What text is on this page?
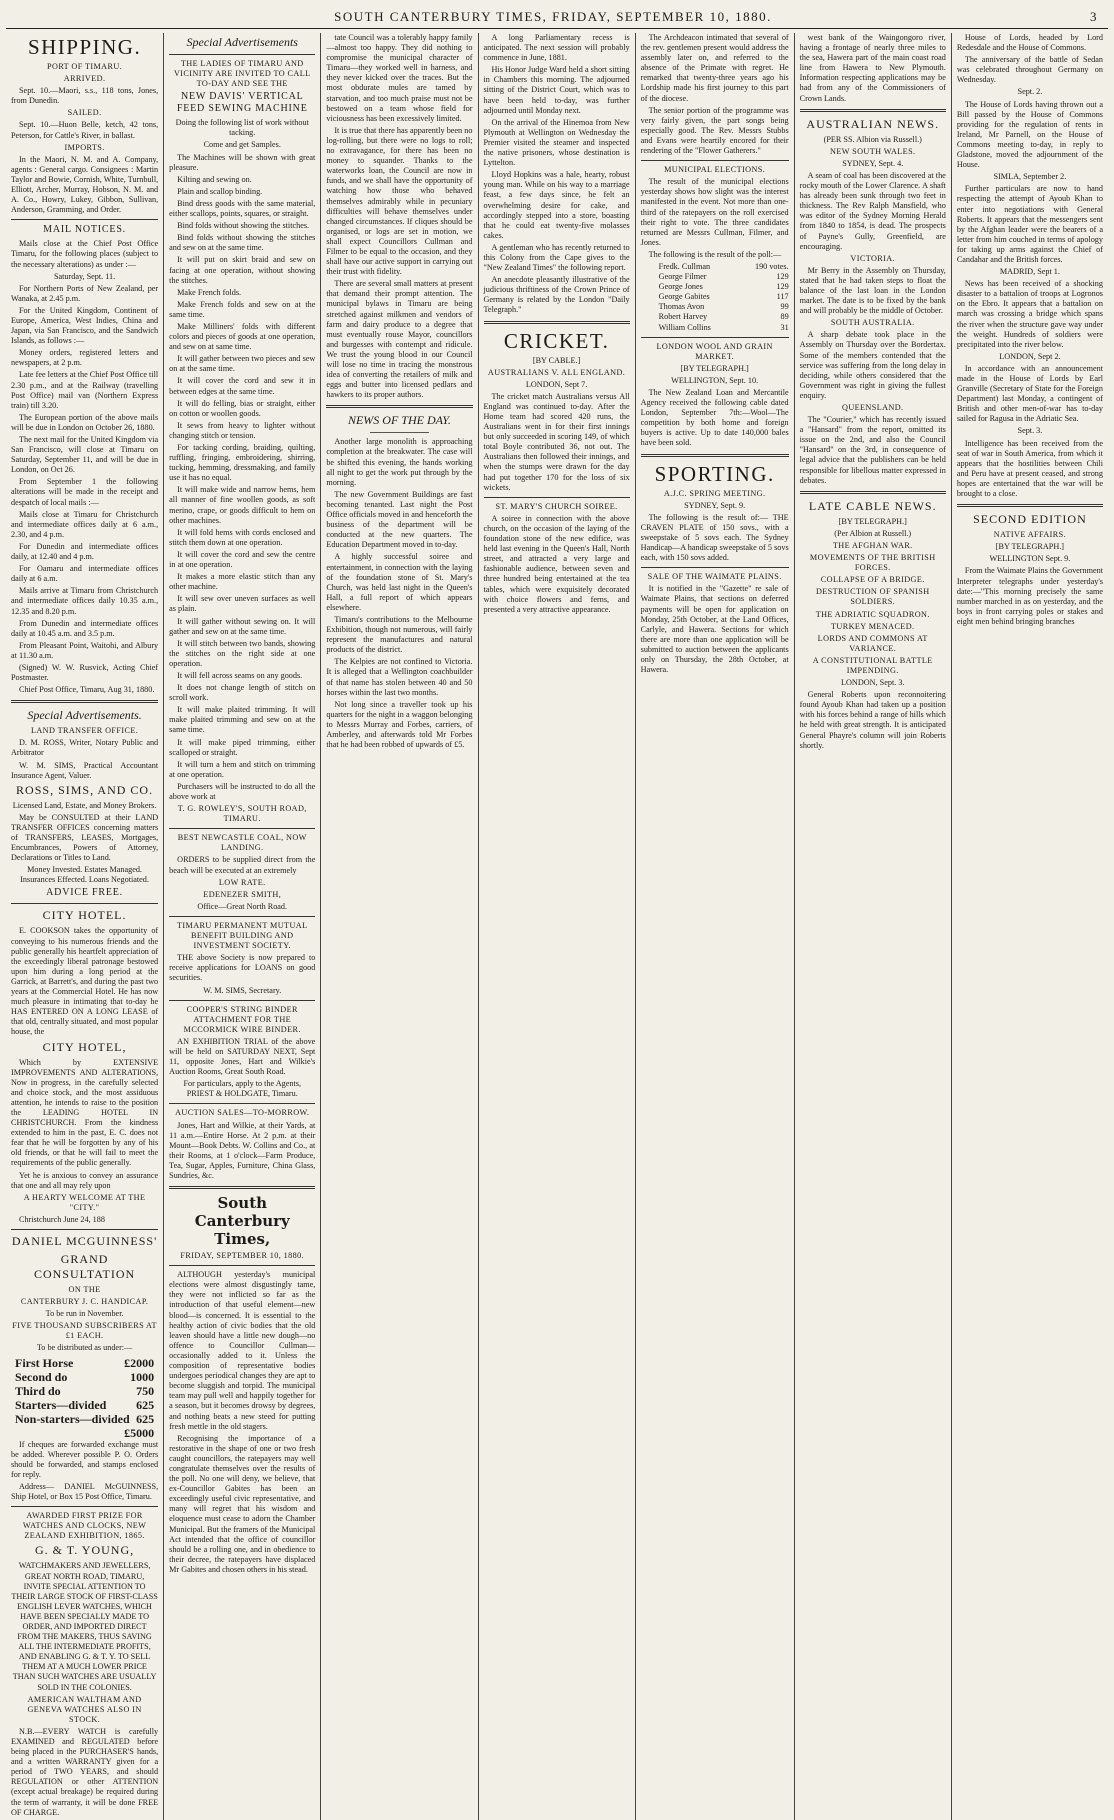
SOUTH CANTERBURY TIMES, FRIDAY, SEPTEMBER 10, 1880.	3
SHIPPING.

PORT OF TIMARU.

ARRIVED.

Sept. 10.—Maori, s.s., 118 tons, Jones, from Dunedin.

SAILED.

Sept. 10.—Huon Belle, ketch, 42 tons, Peterson, for Cattle's River, in ballast.

IMPORTS.

In the Maori, N. M. and A. Company, agents : General cargo. Consignees : Martin Taylor and Bowie, Cornish, White, Turnbull, Elliott, Archer, Murray, Hobson, N. M. and A. Co., Howry, Lukey, Gibbon, Sullivan, Anderson, Gramming, and Order.

MAIL NOTICES.

Mails close at the Chief Post Office Timaru, for the following places (subject to the necessary alterations) as under :—

Saturday, Sept. 11.

For Northern Ports of New Zealand, per Wanaka, at 2.45 p.m.

For the United Kingdom, Continent of Europe, America, West Indies, China and Japan, via San Francisco, and the Sandwich Islands, as follows :—

Money orders, registered letters and newspapers, at 2 p.m.

Late fee letters at the Chief Post Office till 2.30 p.m., and at the Railway (travelling Post Office) mail van (Northern Express train) till 3.20.

The European portion of the above mails will be due in London on October 26, 1880.

The next mail for the United Kingdom via San Francisco, will close at Timaru on Saturday, September 11, and will be due in London, on Oct 26.

From September 1 the following alterations will be made in the receipt and despatch of local mails :—

Mails close at Timaru for Christchurch and intermediate offices daily at 6 a.m., 2.30, and 4 p.m.

For Dunedin and intermediate offices daily, at 12.40 and 4 p.m.

For Oamaru and intermediate offices daily at 6 a.m.

Mails arrive at Timaru from Christchurch and intermediate offices daily 10.35 a.m., 12.35 and 8.20 p.m.

From Dunedin and intermediate offices daily at 10.45 a.m. and 3.5 p.m.

From Pleasant Point, Waitohi, and Albury at 11.30 a.m.

(Signed) W. W. Rusvick, Acting Chief Postmaster.

Chief Post Office, Timaru, Aug 31, 1880.

Special Advertisements.

LAND TRANSFER OFFICE.

D. M. ROSS, Writer, Notary Public and Arbitrator

W. M. SIMS, Practical Accountant Insurance Agent, Valuer.

ROSS, SIMS, AND CO.

Licensed Land, Estate, and Money Brokers.

May be CONSULTED at their LAND TRANSFER OFFICES concerning matters of TRANSFERS, LEASES, Mortgages, Encumbrances, Powers of Attorney, Declarations or Titles to Land.

Money Invested. Estates Managed. Insurances Effected. Loans Negotiated.

ADVICE FREE.
CITY HOTEL.

E. COOKSON takes the opportunity of conveying to his numerous friends and the public generally his heartfelt appreciation of the exceedingly liberal patronage bestowed upon him during a long period at the Garrick, at Barrett's, and during the past two years at the Commercial Hotel. He has now much pleasure in intimating that to-day he HAS ENTERED ON A LONG LEASE of that old, centrally situated, and most popular house, the

CITY HOTEL,

Which by EXTENSIVE IMPROVEMENTS AND ALTERATIONS, Now in progress, in the carefully selected and choice stock, and the most assiduous attention, he intends to raise to the position the LEADING HOTEL IN CHRISTCHURCH. From the kindness extended to him in the past, E. C. does not fear that he will be forgotten by any of his old friends, or that he will fail to meet the requirements of the public generally.

Yet he is anxious to convey an assurance that one and all may rely upon

A HEARTY WELCOME AT THE "CITY."

Christchurch June 24, 188

DANIEL MCGUINNESS'
GRAND CONSULTATION

ON THE

CANTERBURY J. C. HANDICAP.

To be run in November.

FIVE THOUSAND SUBSCRIBERS AT £1 EACH.

To be distributed as under:—

First Horse	£2000
Second do	1000
Third do	750
Starters—divided 625
Non-starters—divided 625
£5000

If cheques are forwarded exchange must be added. Wherever possible P. O. Orders should be forwarded, and stamps enclosed for reply.

Address— DANIEL McGUINNESS, Ship Hotel, or Box 15 Post Office, Timaru.

AWARDED FIRST PRIZE FOR WATCHES AND CLOCKS, NEW ZEALAND EXHIBITION, 1865.

G. & T. YOUNG,

WATCHMAKERS AND JEWELLERS, GREAT NORTH ROAD, TIMARU, INVITE SPECIAL ATTENTION TO THEIR LARGE STOCK OF FIRST-CLASS ENGLISH LEVER WATCHES, WHICH HAVE BEEN SPECIALLY MADE TO ORDER, AND IMPORTED DIRECT FROM THE MAKERS, THUS SAVING ALL THE INTERMEDIATE PROFITS, AND ENABLING G. & T. Y. TO SELL THEM AT A MUCH LOWER PRICE THAN SUCH WATCHES ARE USUALLY SOLD IN THE COLONIES.

AMERICAN WALTHAM AND GENEVA WATCHES ALSO IN STOCK.

N.B.—EVERY WATCH is carefully EXAMINED and REGULATED before being placed in the PURCHASER'S hands, and a written WARRANTY given for a period of TWO YEARS, and should REGULATION or other ATTENTION (except actual breakage) be required during the term of warranty, it will be done FREE OF CHARGE.

Special Advertisements

THE LADIES OF TIMARU AND VICINITY ARE INVITED TO CALL TO-DAY AND SEE THE

NEW DAVIS' VERTICAL FEED SEWING MACHINE

Doing the following list of work without tacking.

Come and get Samples.

The Machines will be shown with great pleasure.

Kilting and sewing on.

Plain and scallop binding.

Bind dress goods with the same material, either scallops, points, squares, or straight.

Bind folds without showing the stitches.

Bind folds without showing the stitches and sew on at the same time.

It will put on skirt braid and sew on facing at one operation, without showing the stitches.

Make French folds.

Make French folds and sew on at the same time.

Make Milliners' folds with different colors and pieces of goods at one operation, and sew on at same time.

It will gather between two pieces and sew on at the same time.

It will cover the cord and sew it in between edges at the same time.

It will do felling, bias or straight, either on cotton or woollen goods.

It sews from heavy to lighter without changing stitch or tension.

For tacking cording, braiding, quilting, ruffling, fringing, embroidering, shirring, tucking, hemming, dressmaking, and family use it has no equal.

It will make wide and narrow hems, hem all manner of fine woollen goods, as soft merino, crape, or goods difficult to hem on other machines.

It will fold hems with cords enclosed and stitch them down at one operation.

It will cover the cord and sew the centre in at one operation.

It makes a more elastic stitch than any other machine.

It will sew over uneven surfaces as well as plain.

It will gather without sewing on. It will gather and sew on at the same time.

It will stitch between two bands, showing the stitches on the right side at one operation.

It will fell across seams on any goods.

It does not change length of stitch on scroll work.

It will make plaited trimming. It will make plaited trimming and sew on at the same time.

It will make piped trimming, either scalloped or straight.

It will turn a hem and stitch on trimming at one operation.

Purchasers will be instructed to do all the above work at

T. G. ROWLEY'S, SOUTH ROAD, TIMARU.

BEST NEWCASTLE COAL, NOW LANDING.

ORDERS to be supplied direct from the beach will be executed at an extremely

LOW RATE.

EDENEZER SMITH,

Office—Great North Road.

TIMARU PERMANENT MUTUAL BENEFIT BUILDING AND INVESTMENT SOCIETY.

THE above Society is now prepared to receive applications for LOANS on good securities.

W. M. SIMS, Secretary.

COOPER'S STRING BINDER ATTACHMENT FOR THE MCCORMICK WIRE BINDER.

AN EXHIBITION TRIAL of the above will be held on SATURDAY NEXT, Sept 11, opposite Jones, Hart and Wilkie's Auction Rooms, Great South Road.

For particulars, apply to the Agents, PRIEST & HOLDGATE, Timaru.

AUCTION SALES—TO-MORROW.

Jones, Hart and Wilkie, at their Yards, at 11 a.m.—Entire Horse. At 2 p.m. at their Mount—Book Debts. W. Collins and Co., at their Rooms, at 1 o'clock—Farm Produce, Tea, Sugar, Apples, Furniture, China Glass, Sundries, &c.

South Canterbury Times,

FRIDAY, SEPTEMBER 10, 1880.

ALTHOUGH yesterday's municipal elections were almost disgustingly tame, they were not inflicted so far as the introduction of that useful element—new blood—is concerned. It is essential to the healthy action of civic bodies that the old leaven should have a little new dough—no offence to Councillor Cullman—occasionally added to it. Unless the composition of representative bodies undergoes periodical changes they are apt to become sluggish and torpid. The municipal team may pull well and happily together for a season, but it becomes drowsy by degrees, and nothing beats a new steed for putting fresh mettle in the old stagers.

Recognising the importance of a restorative in the shape of one or two fresh caught councillors, the ratepayers may well congratulate themselves over the results of the poll. No one will deny, we believe, that ex-Councillor Gabites has been an exceedingly useful civic representative, and many will regret that his wisdom and eloquence must cease to adorn the Chamber Municipal. But the framers of the Municipal Act intended that the office of councillor should be a rolling one, and in obedience to their decree, the ratepayers have displaced Mr Gabites and chosen others in his stead.

tate Council was a tolerably happy family—almost too happy. They did nothing to compromise the municipal character of Timaru—they worked well in harness, and they never kicked over the traces. But the most obdurate mules are tamed by starvation, and too much praise must not be bestowed on a team whose field for viciousness has been excessively limited.

It is true that there has apparently been no log-rolling, but there were no logs to roll; no extravagance, for there has been no money to squander. Thanks to the waterworks loan, the Council are now in funds, and we shall have the opportunity of watching how those who behaved themselves admirably while in pecuniary difficulties will behave themselves under changed circumstances. If cliques should be organised, or logs are set in motion, we shall expect Councillors Cullman and Filmer to be equal to the occasion, and they shall have our active support in carrying out their trust with fidelity.

There are several small matters at present that demand their prompt attention. The municipal bylaws in Timaru are being stretched against milkmen and vendors of farm and dairy produce to a degree that must eventually rouse Mayor, councillors and burgesses with contempt and ridicule. We trust the young blood in our Council will lose no time in tracing the monstrous idea of converting the retailers of milk and eggs and butter into licensed pedlars and hawkers to its proper authors.

NEWS OF THE DAY.

Another large monolith is approaching completion at the breakwater. The case will be shifted this evening, the hands working all night to get the work put through by the morning.

The new Government Buildings are fast becoming tenanted. Last night the Post Office officials moved in and henceforth the business of the department will be conducted at the new quarters. The Education Department moved in to-day.

A highly successful soiree and entertainment, in connection with the laying of the foundation stone of St. Mary's Church, was held last night in the Queen's Hall, a full report of which appears elsewhere.

Timaru's contributions to the Melbourne Exhibition, though not numerous, will fairly represent the manufactures and natural products of the district.

The Kelpies are not confined to Victoria. It is alleged that a Wellington coachbuilder of that name has stolen between 40 and 50 horses within the last two months.

Not long since a traveller took up his quarters for the night in a waggon belonging to Messrs Murray and Forbes, carriers, of Amberley, and afterwards told Mr Forbes that he had been robbed of upwards of £5.

A long Parliamentary recess is anticipated. The next session will probably commence in June, 1881.

His Honor Judge Ward held a short sitting in Chambers this morning. The adjourned sitting of the District Court, which was to have been held to-day, was further adjourned until Monday next.

On the arrival of the Hinemoa from New Plymouth at Wellington on Wednesday the Premier visited the steamer and inspected the native prisoners, whose destination is Lyttelton.

Lloyd Hopkins was a hale, hearty, robust young man. While on his way to a marriage feast, a few days since, he felt an overwhelming desire for cake, and accordingly stepped into a store, boasting that he could eat twenty-five molasses cakes.

A gentleman who has recently returned to this Colony from the Cape gives to the "New Zealand Times" the following report.

An anecdote pleasantly illustrative of the judicious thriftiness of the Crown Prince of Germany is related by the London "Daily Telegraph."

CRICKET.

[BY CABLE.]

AUSTRALIANS V. ALL ENGLAND.

LONDON, Sept 7.

The cricket match Australians versus All England was continued to-day. After the Home team had scored 420 runs, the Australians went in for their first innings but only succeeded in scoring 149, of which total Boyle contributed 36, not out. The Australians then followed their innings, and when the stumps were drawn for the day had put together 170 for the loss of six wickets.

ST. MARY'S CHURCH SOIREE.

A soiree in connection with the above church, on the occasion of the laying of the foundation stone of the new edifice, was held last evening in the Queen's Hall, North street, and attracted a very large and fashionable audience, between seven and three hundred being entertained at the tea tables, which were exquisitely decorated with choice flowers and ferns, and presented a very attractive appearance.

The Archdeacon intimated that several of the rev. gentlemen present would address the assembly later on, and referred to the absence of the Primate with regret. He remarked that twenty-three years ago his Lordship made his first journey to this part of the diocese.

The senior portion of the programme was very fairly given, the part songs being especially good. The Rev. Messrs Stubbs and Evans were heartily encored for their rendering of the "Flower Gatherers."

MUNICIPAL ELECTIONS.

The result of the municipal elections yesterday shows how slight was the interest manifested in the event. Not more than one-third of the ratepayers on the roll exercised their right to vote. The three candidates returned are Messrs Cullman, Filmer, and Jones.

The following is the result of the poll:—

Fredk. Cullman	190 votes.
George Filmer	129
George Jones	129
George Gabites	117
Thomas Avon	99
Robert Harvey	89
William Collins	31

LONDON WOOL AND GRAIN MARKET.

[BY TELEGRAPH.]

WELLINGTON, Sept. 10.

The New Zealand Loan and Mercantile Agency received the following cable dated London, September 7th:—Wool—The competition by both home and foreign buyers is active. Up to date 140,000 bales have been sold.

SPORTING.

A.J.C. SPRING MEETING.

SYDNEY, Sept. 9.

The following is the result of:— THE CRAVEN PLATE of 150 sovs., with a sweepstake of 5 sovs each. The Sydney Handicap—A handicap sweepstake of 5 sovs each, with 150 sovs added.

SALE OF THE WAIMATE PLAINS.

It is notified in the "Gazette" re sale of Waimate Plains, that sections on deferred payments will be open for application on Monday, 25th October, at the Land Offices, Carlyle, and Hawera. Sections for which there are more than one application will be submitted to auction between the applicants only on Thursday, the 28th October, at Hawera.

west bank of the Waingongoro river, having a frontage of nearly three miles to the sea, Hawera part of the main coast road line from Hawera to New Plymouth. Information respecting applications may be had from any of the Commissioners of Crown Lands.

AUSTRALIAN NEWS.

(PER SS. Albion via Russell.)

NEW SOUTH WALES.

SYDNEY, Sept. 4.

A seam of coal has been discovered at the rocky mouth of the Lower Clarence. A shaft has already been sunk through two feet in thickness. The Rev Ralph Mansfield, who was editor of the Sydney Morning Herald from 1840 to 1854, is dead. The prospects of Payne's Gully, Greenfield, are encouraging.

VICTORIA.

Mr Berry in the Assembly on Thursday, stated that he had taken steps to float the balance of the last loan in the London market. The date is to be fixed by the bank and will probably be the middle of October.

SOUTH AUSTRALIA.

A sharp debate took place in the Assembly on Thursday over the Bordertax. Some of the members contended that the service was suffering from the long delay in deciding, while others considered that the Government was right in giving the fullest enquiry.

QUEENSLAND.

The "Courier," which has recently issued a "Hansard" from the report, omitted its issue on the 2nd, and also the Council "Hansard" on the 3rd, in consequence of legal advice that the publishers can be held responsible for libellous matter expressed in debates.

LATE CABLE NEWS.

[BY TELEGRAPH.]

(Per Albion at Russell.)

THE AFGHAN WAR.

MOVEMENTS OF THE BRITISH FORCES.

COLLAPSE OF A BRIDGE.

DESTRUCTION OF SPANISH SOLDIERS.

THE ADRIATIC SQUADRON.

TURKEY MENACED.

LORDS AND COMMONS AT VARIANCE.

A CONSTITUTIONAL BATTLE IMPENDING.

LONDON, Sept. 3.

General Roberts upon reconnoitering found Ayoub Khan had taken up a position with his forces behind a range of hills which he held with great strength. It is anticipated General Phayre's column will join Roberts shortly.

House of Lords, headed by Lord Redesdale and the House of Commons.

The anniversary of the battle of Sedan was celebrated throughout Germany on Wednesday.

Sept. 2.

The House of Lords having thrown out a Bill passed by the House of Commons providing for the regulation of rents in Ireland, Mr Parnell, on the House of Commons meeting to-day, in reply to Gladstone, moved the adjournment of the House.

SIMLA, September 2.

Further particulars are now to hand respecting the attempt of Ayoub Khan to enter into negotiations with General Roberts. It appears that the messengers sent by the Afghan leader were the bearers of a letter from him couched in terms of apology for taking up arms against the Chief of Candahar and the British forces.

MADRID, Sept 1.

News has been received of a shocking disaster to a battalion of troops at Logronos on the Ebro. It appears that a battalion on march was crossing a bridge which spans the river when the structure gave way under the weight. Hundreds of soldiers were precipitated into the river below.

LONDON, Sept 2.

In accordance with an announcement made in the House of Lords by Earl Granville (Secretary of State for the Foreign Department) last Monday, a contingent of British and other men-of-war has to-day sailed for Ragusa in the Adriatic Sea.

Sept. 3.

Intelligence has been received from the seat of war in South America, from which it appears that the hostilities between Chili and Peru have at present ceased, and strong hopes are entertained that the war will be brought to a close.

SECOND EDITION

NATIVE AFFAIRS.

[BY TELEGRAPH.]

WELLINGTON Sept. 9.

From the Waimate Plains the Government Interpreter telegraphs under yesterday's date:—"This morning precisely the same number marched in as on yesterday, and the boys in front carrying poles or stakes and eight men behind bringing branches
